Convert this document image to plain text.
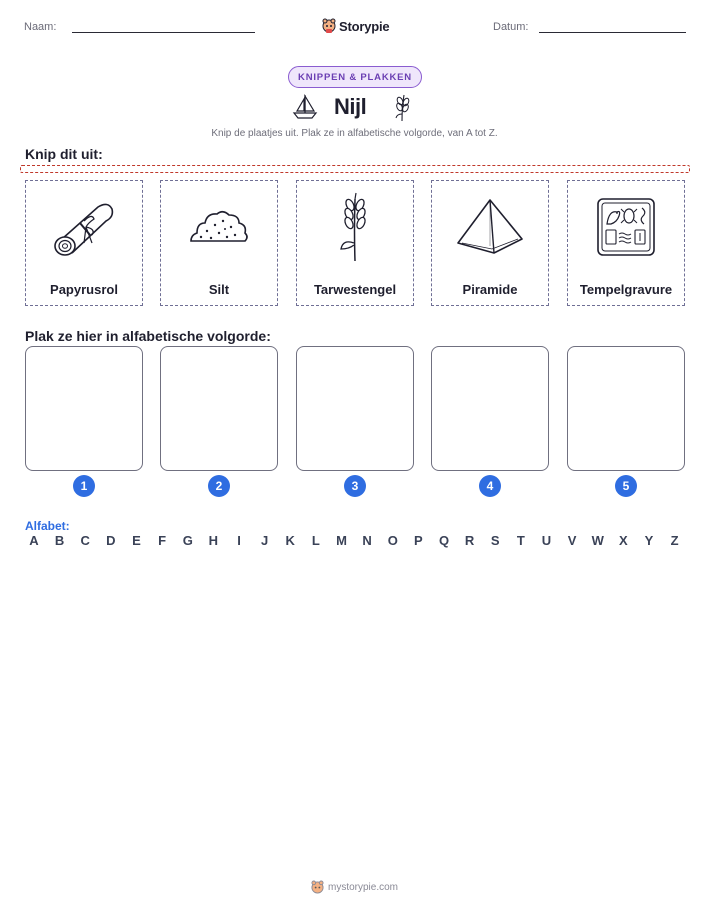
Naam:	Storypie	Datum:
KNIPPEN & PLAKKEN
Nijl
Knip de plaatjes uit. Plak ze in alfabetische volgorde, van A tot Z.
Knip dit uit:
Papyrusrol	Silt	Tarwestengel	Piramide	Tempelgravure
Plak ze hier in alfabetische volgorde:
1	2	3	4	5
Alfabet:
A	B	C	D	E	F	G	H	I	J	K	L	M	N	O	P	Q	R	S	T	U	V	W	X	Y	Z
mystorypie.com
